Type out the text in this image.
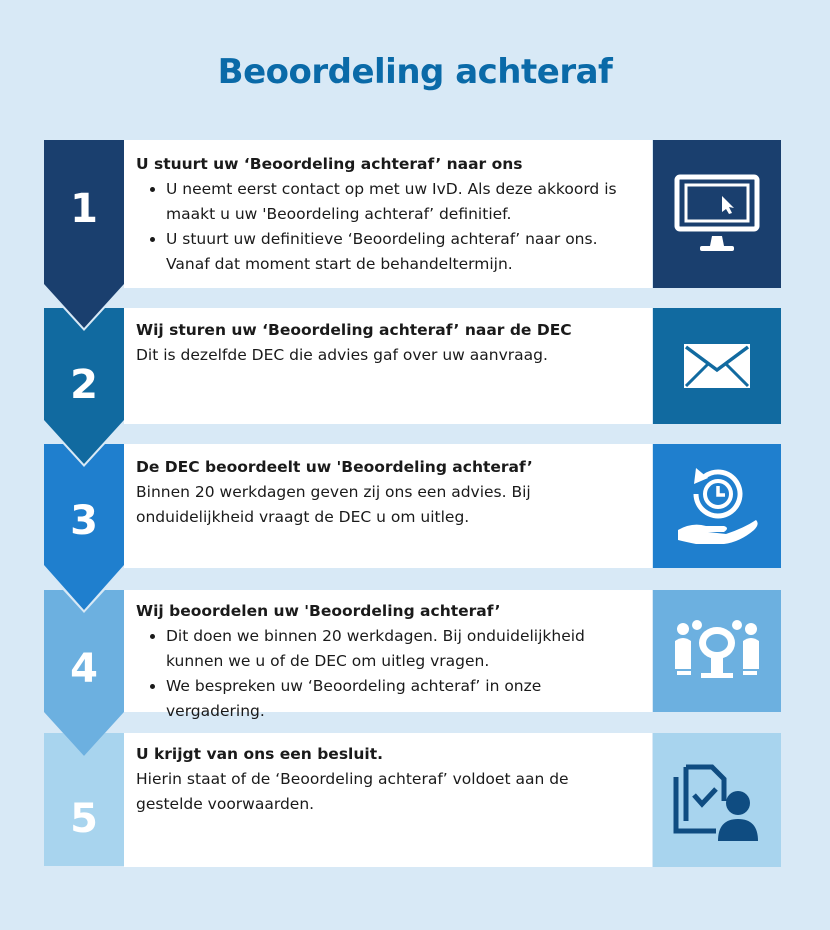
Beoordeling achteraf
1
2
3
4
5
U stuurt uw ‘Beoordeling achteraf’ naar ons
• U neemt eerst contact op met uw IvD. Als deze akkoord is maakt u uw 'Beoordeling achteraf’ definitief.
• U stuurt uw definitieve ‘Beoordeling achteraf’ naar ons. Vanaf dat moment start de behandeltermijn.
Wij sturen uw ‘Beoordeling achteraf’ naar de DEC
Dit is dezelfde DEC die advies gaf over uw aanvraag.
De DEC beoordeelt uw 'Beoordeling achteraf’
Binnen 20 werkdagen geven zij ons een advies. Bij onduidelijkheid vraagt de DEC u om uitleg.
Wij beoordelen uw 'Beoordeling achteraf’
• Dit doen we binnen 20 werkdagen. Bij onduidelijkheid kunnen we u of de DEC om uitleg vragen.
• We bespreken uw ‘Beoordeling achteraf’ in onze vergadering.
U krijgt van ons een besluit.
Hierin staat of de ‘Beoordeling achteraf’ voldoet aan de gestelde voorwaarden.
